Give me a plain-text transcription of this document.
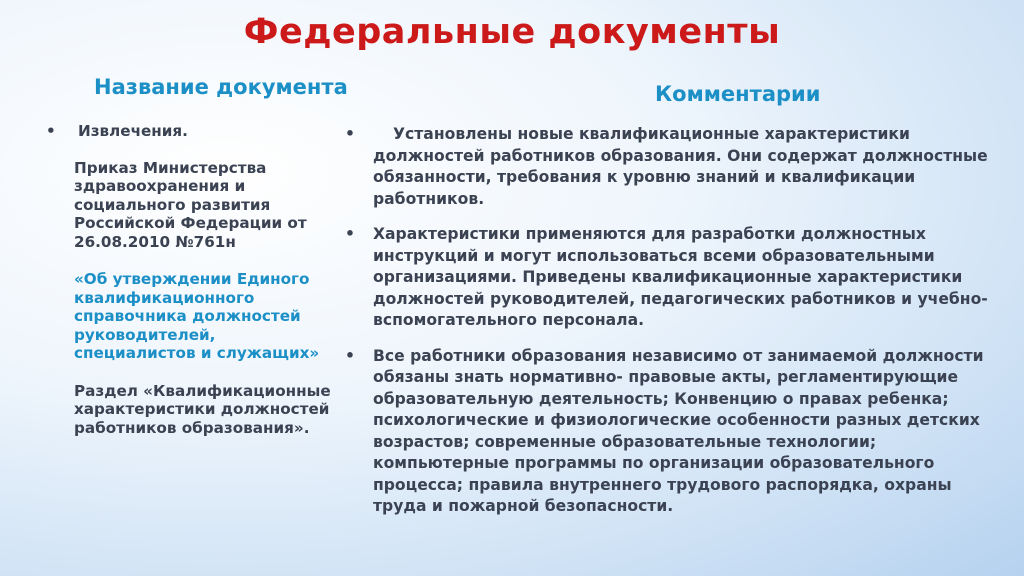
Федеральные документы
Название документа	Комментарии
• Извлечения.

Приказ Министерства здравоохранения и социального развития Российской Федерации от 26.08.2010 №761н

«Об утверждении Единого квалификационного справочника должностей руководителей, специалистов и служащих»

Раздел «Квалификационные характеристики должностей работников образования».

• Установлены новые квалификационные характеристики должностей работников образования. Они содержат должностные обязанности, требования к уровню знаний и квалификации работников.
• Характеристики применяются для разработки должностных инструкций и могут использоваться всеми образовательными организациями. Приведены квалификационные характеристики должностей руководителей, педагогических работников и учебно-вспомогательного персонала.
• Все работники образования независимо от занимаемой должности обязаны знать нормативно- правовые акты, регламентирующие образовательную деятельность; Конвенцию о правах ребенка; психологические и физиологические особенности разных детских возрастов; современные образовательные технологии; компьютерные программы по организации образовательного процесса; правила внутреннего трудового распорядка, охраны труда и пожарной безопасности.
